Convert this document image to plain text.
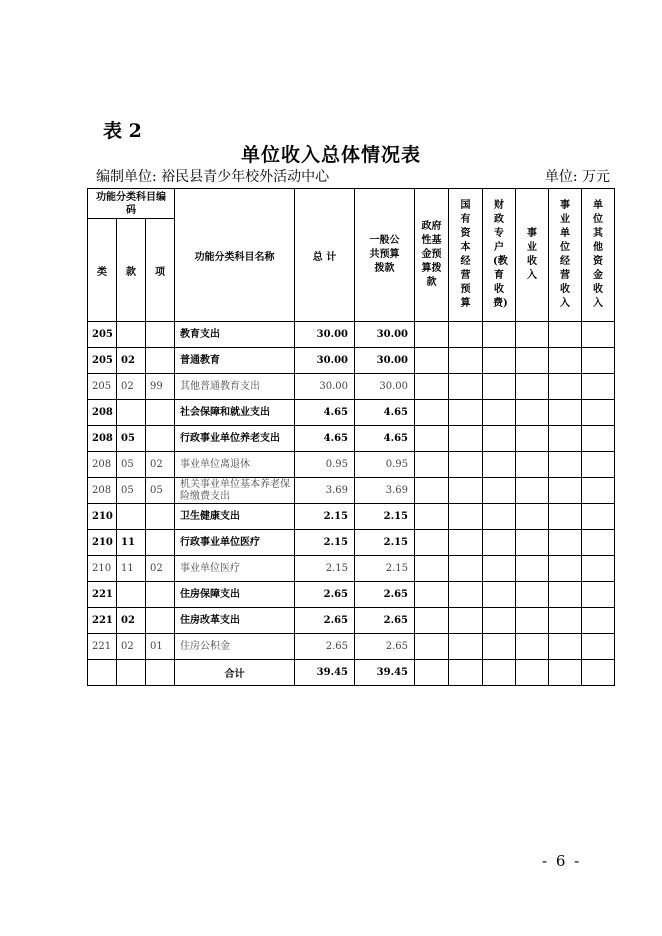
表 2
单位收入总体情况表
编制单位: 裕民县青少年校外活动中心	单位: 万元
功能分类科目编码			功能分类科目名称	总 计	一般公共预算拨款	政府性基金预算拨款	国有资本经营预算	财政专户(教育收费)	事业收入	事业单位经营收入	单位其他资金收入
类	款	项									
205			教育支出	30.00	30.00						
205	02		普通教育	30.00	30.00						
205	02	99	其他普通教育支出	30.00	30.00						
208			社会保障和就业支出	4.65	4.65						
208	05		行政事业单位养老支出	4.65	4.65						
208	05	02	事业单位离退休	0.95	0.95						
208	05	05	机关事业单位基本养老保险缴费支出	3.69	3.69						
210			卫生健康支出	2.15	2.15						
210	11		行政事业单位医疗	2.15	2.15						
210	11	02	事业单位医疗	2.15	2.15						
221			住房保障支出	2.65	2.65						
221	02		住房改革支出	2.65	2.65						
221	02	01	住房公积金	2.65	2.65						
			合计	39.45	39.45						
- 6 -
